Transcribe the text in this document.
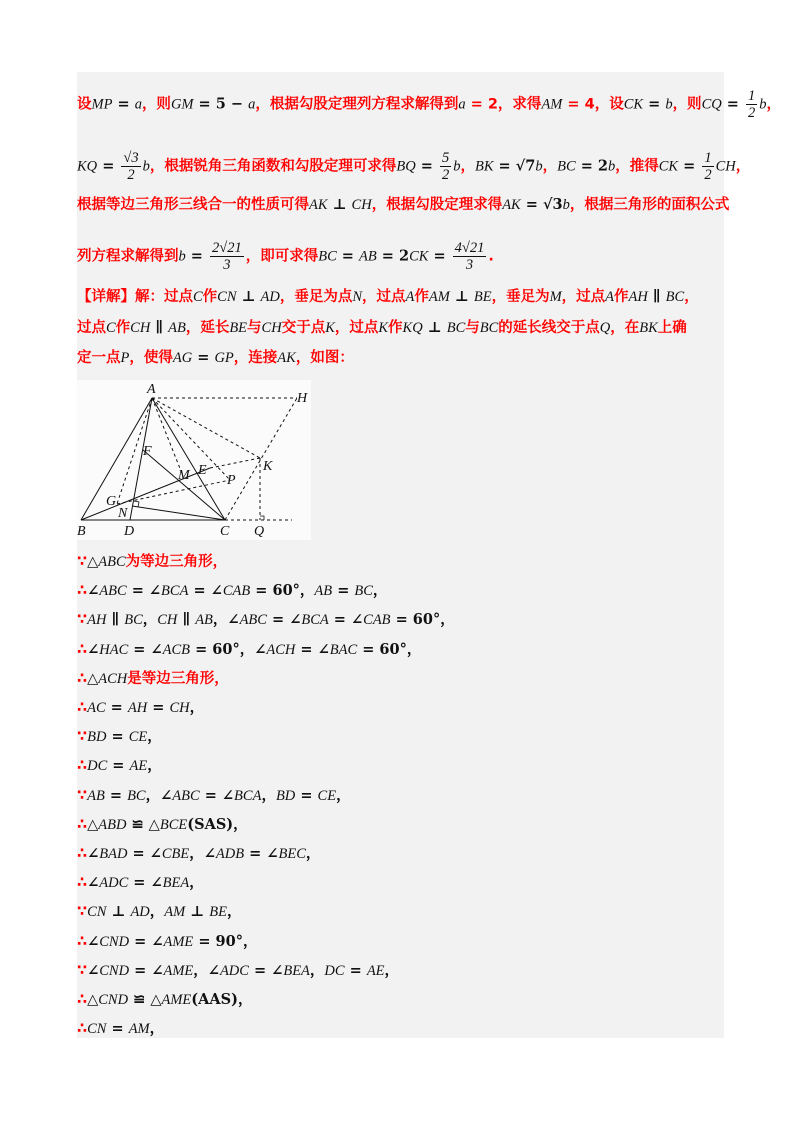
设MP = a，则GM = 5 − a，根据勾股定理列方程求解得到a = 2，求得AM = 4，设CK = b，则CQ = $\frac{1}{2}$ b，
KQ = $\frac{√3}{2}$ b，根据锐角三角函数和勾股定理可求得BQ = $\frac{5}{2}$ b，BK = √7b，BC = 2b，推得CK = $\frac{1}{2}$ CH，
根据等边三角形三线合一的性质可得AK ⊥ CH，根据勾股定理求得AK = √3b，根据三角形的面积公式
列方程求解得到$b = \frac{2√21}{3}$ ，即可求得BC = AB = $2CK = \frac{4√21}{3}$ .
【详解】解：过点C作CN ⊥ AD，垂足为点N，过点A作AM ⊥ BE，垂足为M，过点A作AH ∥ BC，
过点C作CH ∥ AB，延长BE与CH交于点K，过点K作KQ ⊥ BC与BC的延长线交于点Q，在BK上确
定一点P，使得AG = GP，连接AK，如图：
A
H
F
M E	K
P
G
N
B	D	C Q
∵△ABC为等边三角形，
∴∠ABC = ∠BCA = ∠CAB = 60°，AB = BC，
∵AH ∥ BC，CH ∥ AB，∠ABC = ∠BCA = ∠CAB = 60°，
∴∠HAC = ∠ACB = 60°，∠ACH = ∠BAC = 60°，
∴△ACH是等边三角形，
∴AC = AH = CH，
∵BD = CE，
∴DC = AE，
∵AB = BC，∠ABC = ∠BCA，BD = CE，
∴△ABD ≌ △BCE(SAS)，
∴∠BAD = ∠CBE，∠ADB = ∠BEC，
∴∠ADC = ∠BEA，
∵CN ⊥ AD，AM ⊥ BE，
∴∠CND = ∠AME = 90°，
∵∠CND = ∠AME，∠ADC = ∠BEA，DC = AE，
∴△CND ≌ △AME(AAS)，
∴CN = AM，
